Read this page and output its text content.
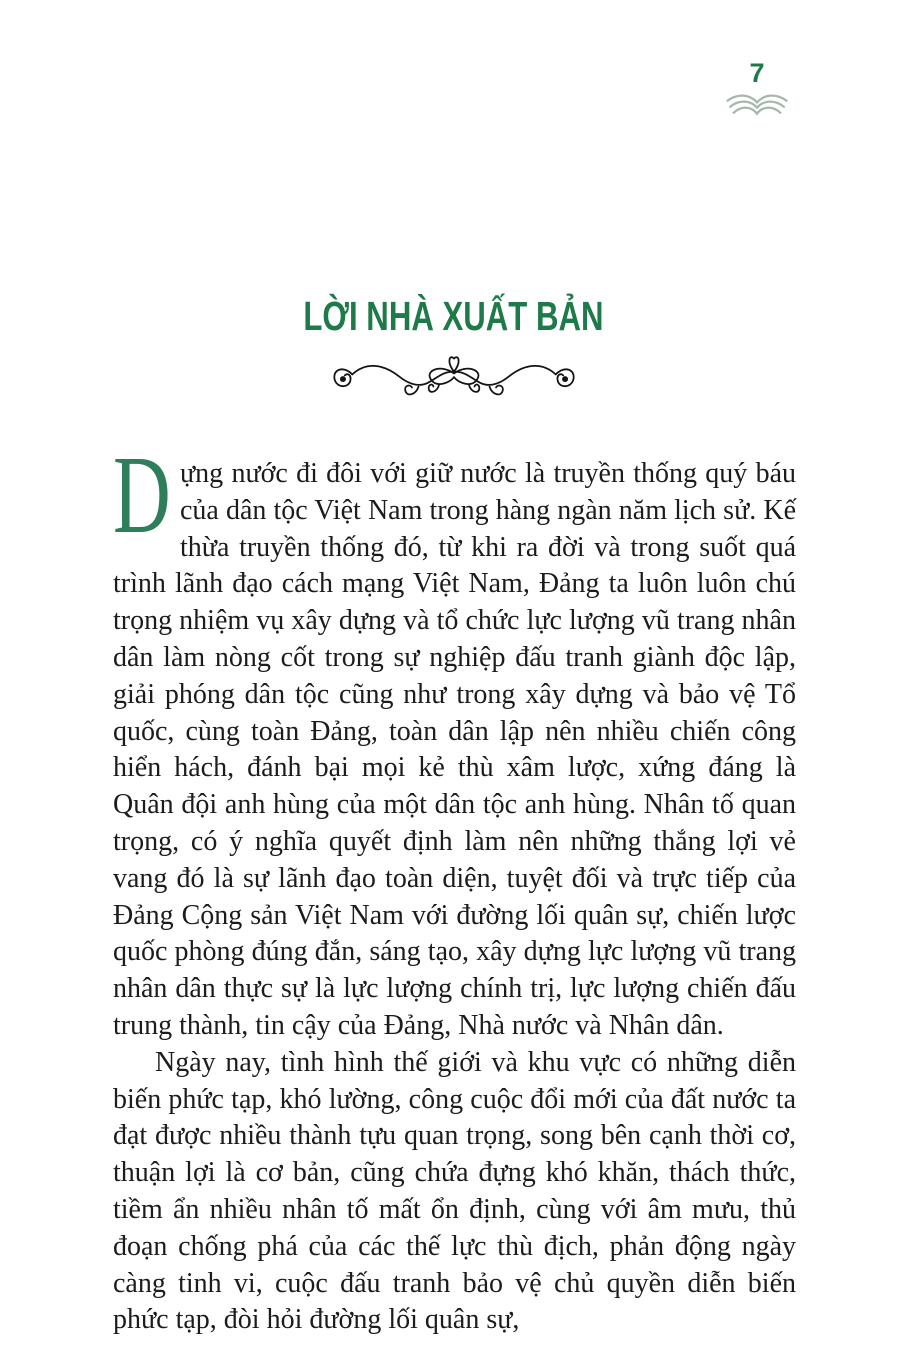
7
LỜI NHÀ XUẤT BẢN

Dựng nước đi đôi với giữ nước là truyền thống quý báu của dân tộc Việt Nam trong hàng ngàn năm lịch sử. Kế thừa truyền thống đó, từ khi ra đời và trong suốt quá trình lãnh đạo cách mạng Việt Nam, Đảng ta luôn luôn chú trọng nhiệm vụ xây dựng và tổ chức lực lượng vũ trang nhân dân làm nòng cốt trong sự nghiệp đấu tranh giành độc lập, giải phóng dân tộc cũng như trong xây dựng và bảo vệ Tổ quốc, cùng toàn Đảng, toàn dân lập nên nhiều chiến công hiển hách, đánh bại mọi kẻ thù xâm lược, xứng đáng là Quân đội anh hùng của một dân tộc anh hùng. Nhân tố quan trọng, có ý nghĩa quyết định làm nên những thắng lợi vẻ vang đó là sự lãnh đạo toàn diện, tuyệt đối và trực tiếp của Đảng Cộng sản Việt Nam với đường lối quân sự, chiến lược quốc phòng đúng đắn, sáng tạo, xây dựng lực lượng vũ trang nhân dân thực sự là lực lượng chính trị, lực lượng chiến đấu trung thành, tin cậy của Đảng, Nhà nước và Nhân dân.

Ngày nay, tình hình thế giới và khu vực có những diễn biến phức tạp, khó lường, công cuộc đổi mới của đất nước ta đạt được nhiều thành tựu quan trọng, song bên cạnh thời cơ, thuận lợi là cơ bản, cũng chứa đựng khó khăn, thách thức, tiềm ẩn nhiều nhân tố mất ổn định, cùng với âm mưu, thủ đoạn chống phá của các thế lực thù địch, phản động ngày càng tinh vi, cuộc đấu tranh bảo vệ chủ quyền diễn biến phức tạp, đòi hỏi đường lối quân sự,
